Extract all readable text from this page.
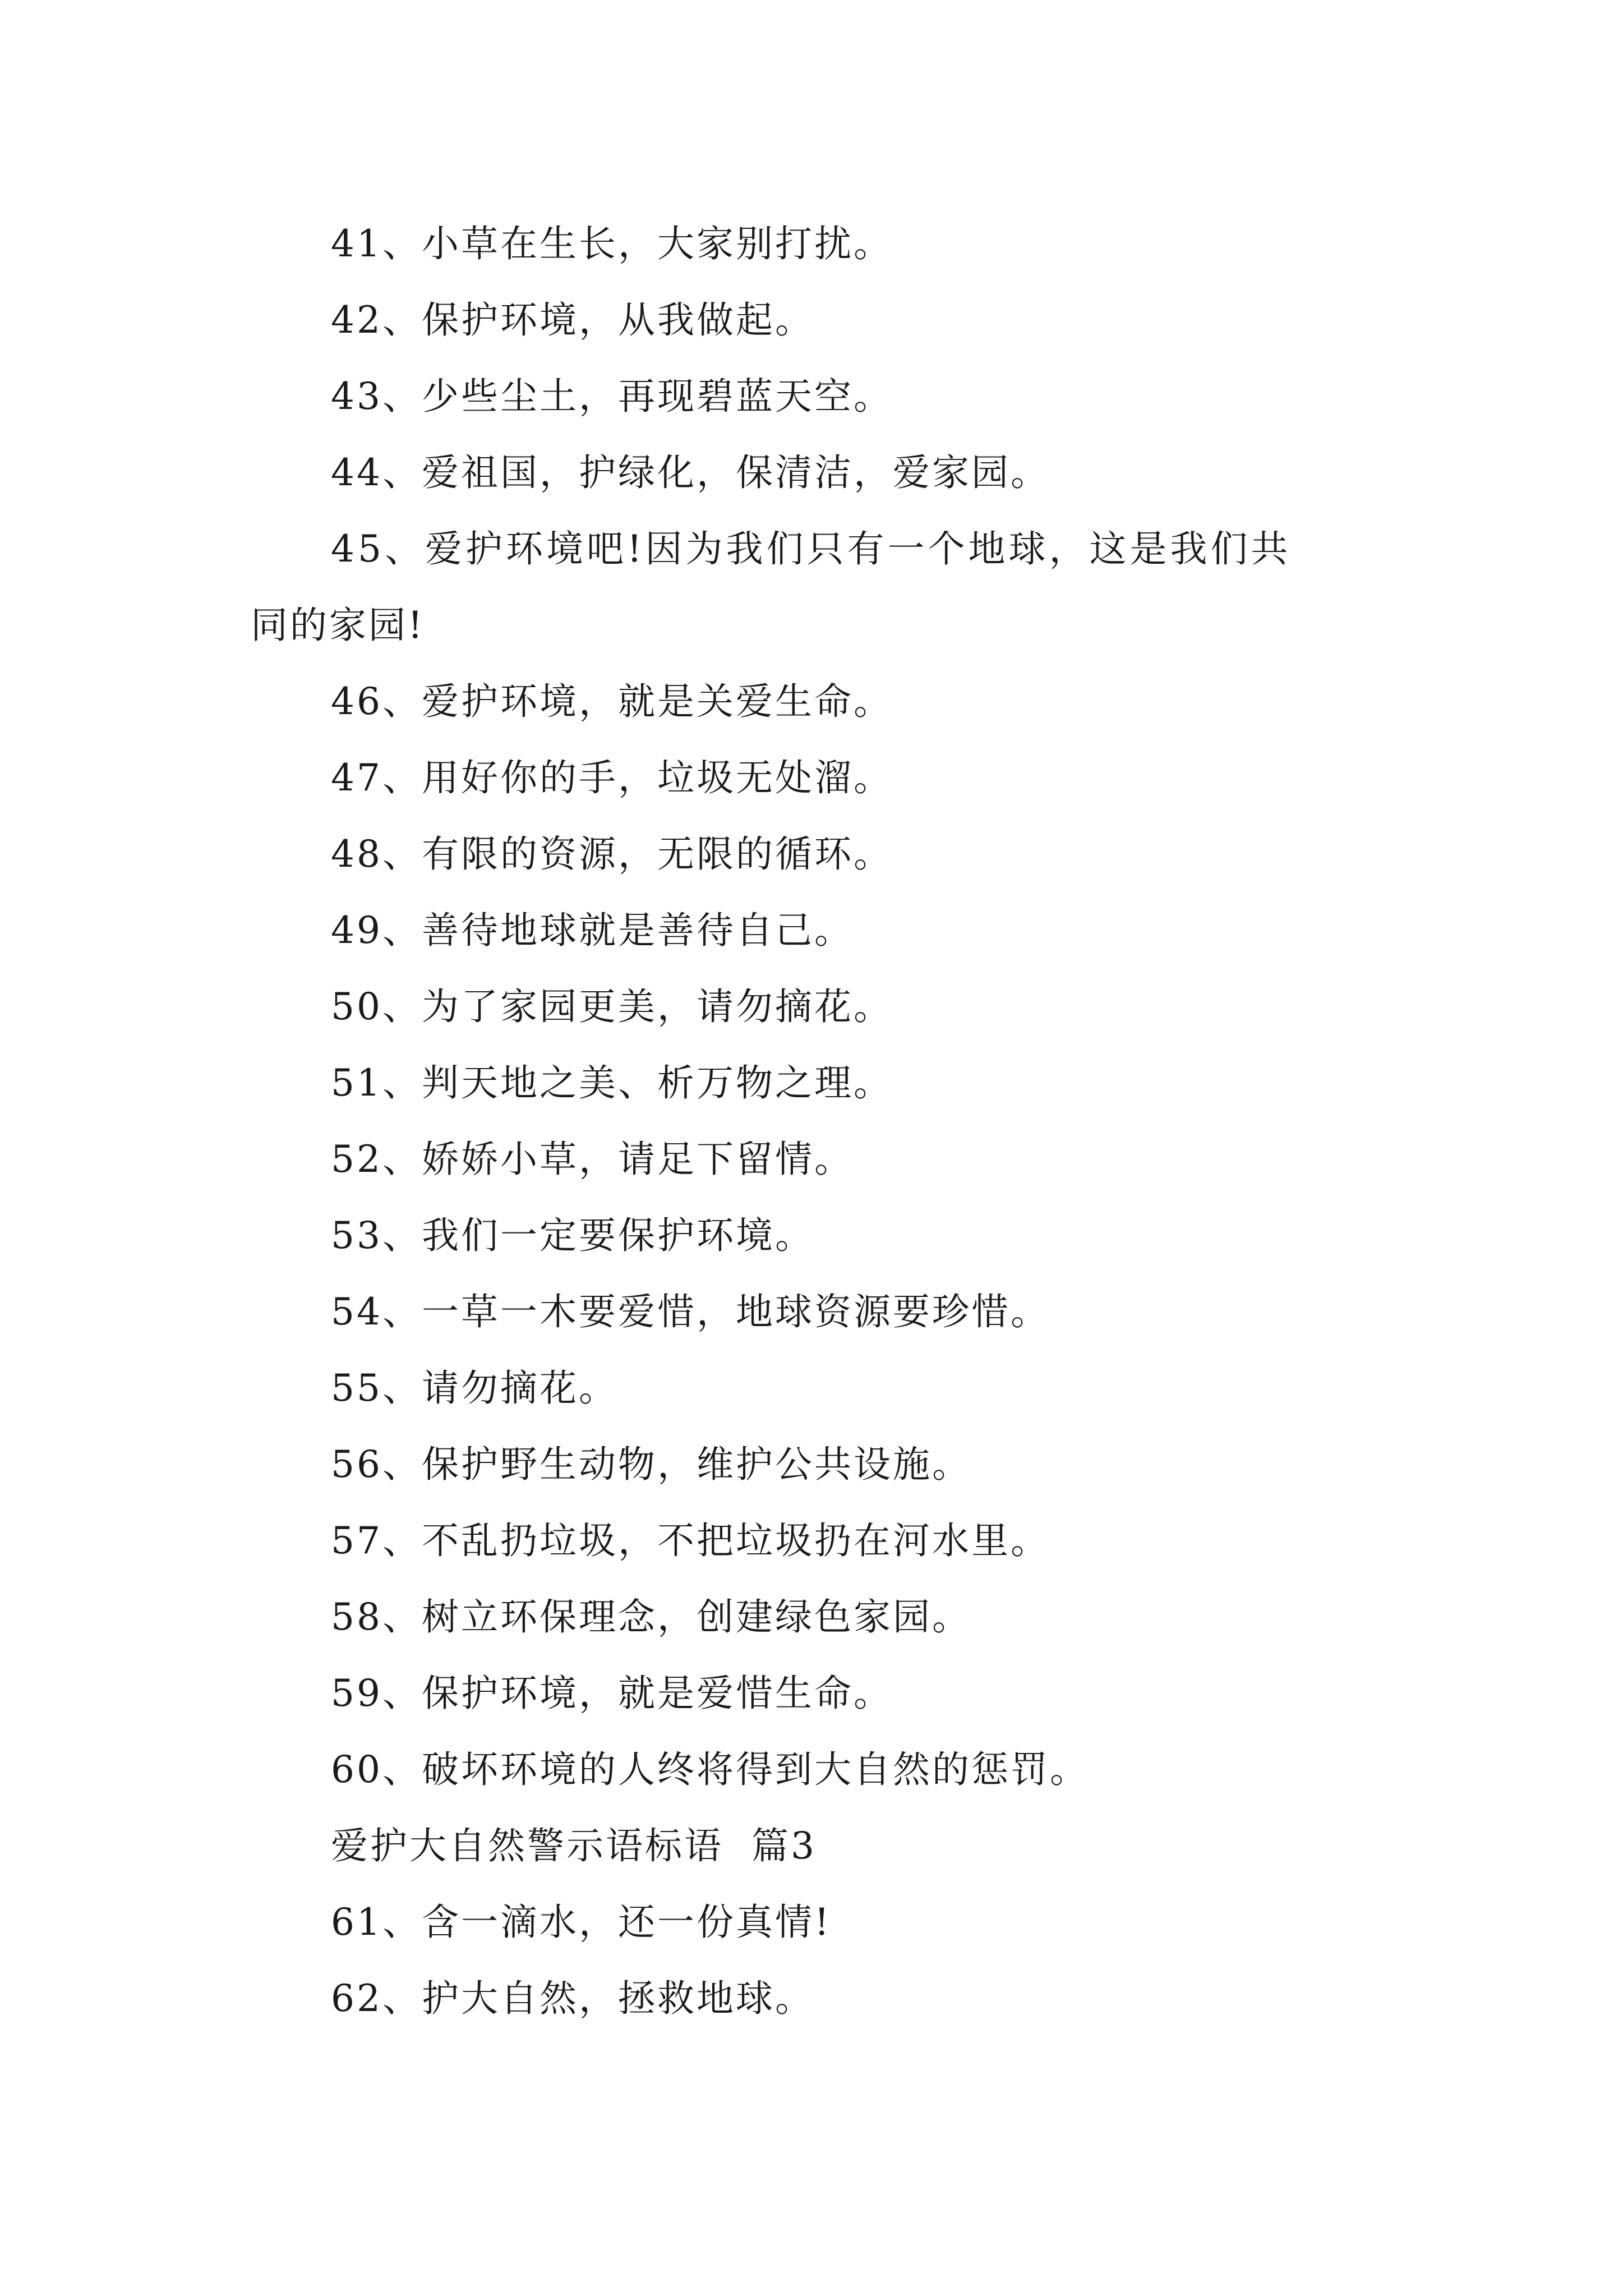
41、小草在生长，大家别打扰。
42、保护环境，从我做起。
43、少些尘土，再现碧蓝天空。
44、爱祖国，护绿化，保清洁，爱家园。
45、爱护环境吧!因为我们只有一个地球，这是我们共
同的家园!
46、爱护环境，就是关爱生命。
47、用好你的手，垃圾无处溜。
48、有限的资源，无限的循环。
49、善待地球就是善待自己。
50、为了家园更美，请勿摘花。
51、判天地之美、析万物之理。
52、娇娇小草，请足下留情。
53、我们一定要保护环境。
54、一草一木要爱惜，地球资源要珍惜。
55、请勿摘花。
56、保护野生动物，维护公共设施。
57、不乱扔垃圾，不把垃圾扔在河水里。
58、树立环保理念，创建绿色家园。
59、保护环境，就是爱惜生命。
60、破坏环境的人终将得到大自然的惩罚。
爱护大自然警示语标语  篇3
61、含一滴水，还一份真情!
62、护大自然，拯救地球。
